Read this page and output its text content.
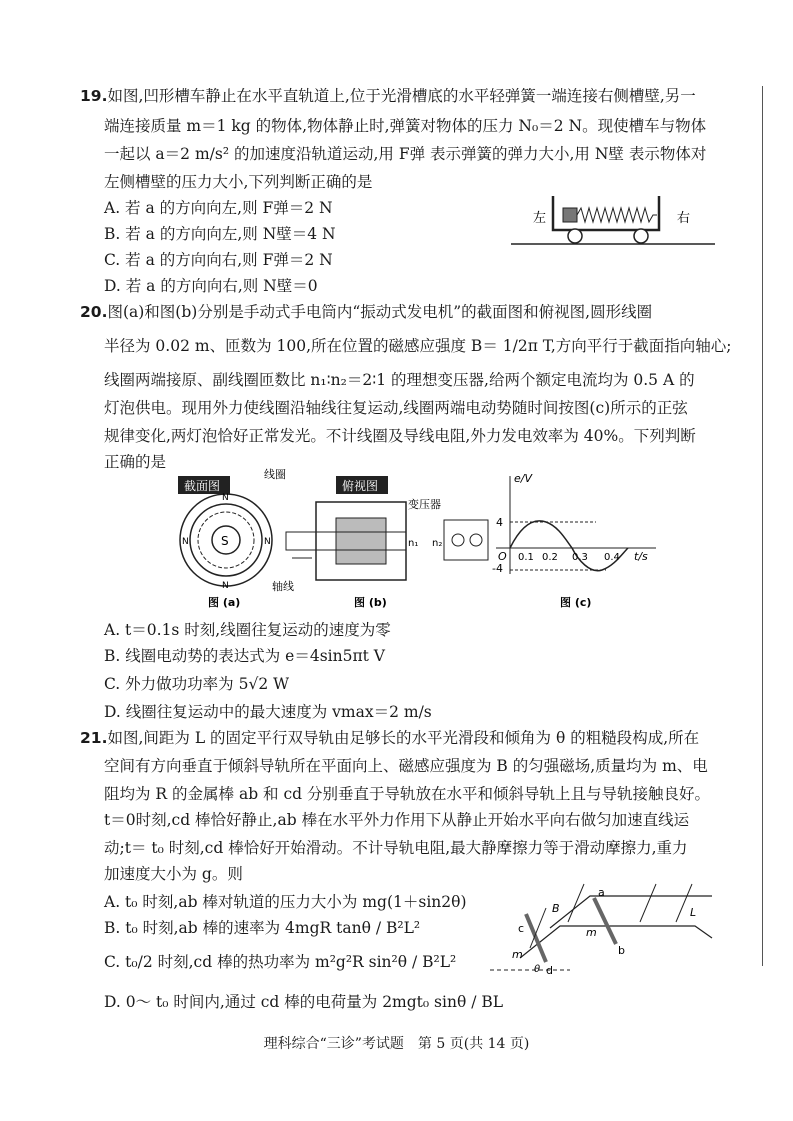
19.如图,凹形槽车静止在水平直轨道上,位于光滑槽底的水平轻弹簧一端连接右侧槽壁,另一
端连接质量 m＝1 kg 的物体,物体静止时,弹簧对物体的压力 N₀＝2 N。现使槽车与物体
一起以 a＝2 m/s² 的加速度沿轨道运动,用 F弹 表示弹簧的弹力大小,用 N壁 表示物体对
左侧槽壁的压力大小,下列判断正确的是
A. 若 a 的方向向左,则 F弹＝2 N
B. 若 a 的方向向左,则 N壁＝4 N
C. 若 a 的方向向右,则 F弹＝2 N
D. 若 a 的方向向右,则 N壁＝0
左	右
20.图(a)和图(b)分别是手动式手电筒内“振动式发电机”的截面图和俯视图,圆形线圈
半径为 0.02 m、匝数为 100,所在位置的磁感应强度 B＝ 1/2π T,方向平行于截面指向轴心;
线圈两端接原、副线圈匝数比 n₁∶n₂＝2∶1 的理想变压器,给两个额定电流均为 0.5 A 的
灯泡供电。现用外力使线圈沿轴线往复运动,线圈两端电动势随时间按图(c)所示的正弦
规律变化,两灯泡恰好正常发光。不计线圈及导线电阻,外力发电效率为 40%。下列判断
正确的是
截面图
S
N
N
N	N
图 (a)
线圈
俯视图
轴线
变压器
n₁ n₂
图 (b)
e/V
t/s
O
4
-4
0.1 0.2 0.3 0.4
图 (c)
A. t＝0.1s 时刻,线圈往复运动的速度为零
B. 线圈电动势的表达式为 e＝4sin5πt V
C. 外力做功功率为 5√2 W
D. 线圈往复运动中的最大速度为 vmax＝2 m/s
21.如图,间距为 L 的固定平行双导轨由足够长的水平光滑段和倾角为 θ 的粗糙段构成,所在
空间有方向垂直于倾斜导轨所在平面向上、磁感应强度为 B 的匀强磁场,质量均为 m、电
阻均为 R 的金属棒 ab 和 cd 分别垂直于导轨放在水平和倾斜导轨上且与导轨接触良好。
t＝0时刻,cd 棒恰好静止,ab 棒在水平外力作用下从静止开始水平向右做匀加速直线运
动;t＝ t₀ 时刻,cd 棒恰好开始滑动。不计导轨电阻,最大静摩擦力等于滑动摩擦力,重力
加速度大小为 g。则
A. t₀ 时刻,ab 棒对轨道的压力大小为 mg(1＋sin2θ)
B. t₀ 时刻,ab 棒的速率为 4mgR tanθ / B²L²
C. t₀/2 时刻,cd 棒的热功率为 m²g²R sin²θ / B²L²
D. 0～ t₀ 时间内,通过 cd 棒的电荷量为 2mgt₀ sinθ / BL
B
a
b
c
d
m
m
L
θ
理科综合“三诊”考试题　第 5 页(共 14 页)
